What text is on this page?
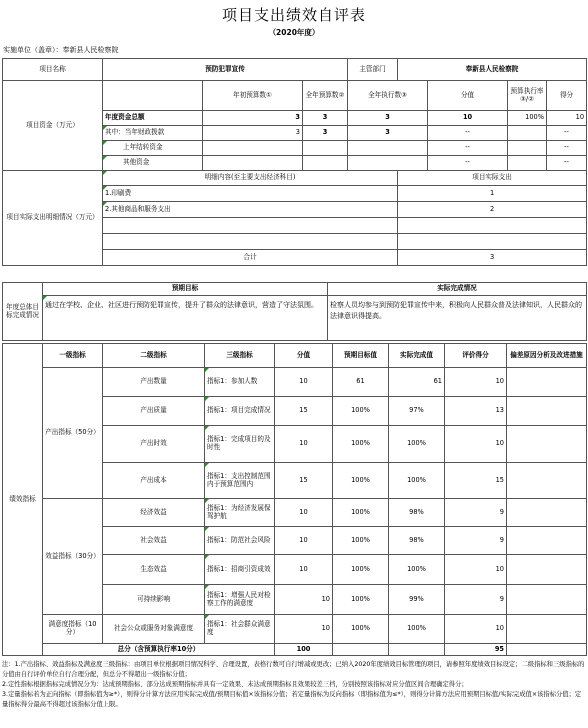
项目支出绩效自评表
（2020年度）
实施单位（盖章）：奉新县人民检察院
项目名称	预防犯罪宣传			主管部门	奉新县人民检察院			
项目资金（万元）		年初预算数①	全年预算数②	全年执行数③		分值	预算执行率③/②	得分
	年度资金总额	3	3	3		10	100%	10
	其中：当年财政拨款	3	3	3		--		--
	上年结转资金					--		--
	其他资金					--		--
项目实际支出明细情况（万元）	明细内容(至主要支出经济科目)				项目实际支出			
	1.印刷费				1			
	2.其他商品和服务支出				2			

	合计				3			
年度总体目标完成情况	预期目标	实际完成情况
	通过在学校、企业、社区进行预防犯罪宣传，提升了群众的法律意识，营造了守法氛围。	检察人员均参与到预防犯罪宣传中来，积极向人民群众普及法律知识，人民群众的法律意识得提高。
绩效指标	一级指标	二级指标	三级指标	分值	预期目标值	实际完成值	评价得分	偏差原因分析及改进措施
	产出指标（50分）	产出数量	指标1：参加人数	10	61	61	10	
		产出质量	指标1：项目完成情况	15	100%	97%	13	
		产出时效	指标1：完成项目的及时性	10	100%	100%	10	
		产出成本	指标1：支出控制范围内于预算范围内	15	100%	100%	15	
	效益指标（30分）	经济效益	指标1：为经济发展保驾护航	10	100%	98%	9	
		社会效益	指标1：防范社会风险	10	100%	98%	9	
		生态效益	指标1：招商引资成效	10	100%	100%	10	
		可持续影响	指标1：增强人民对检察工作的满意度	10	100%	99%	9	
	满意度指标（10分）	社会公众或服务对象满意度	指标1：社会群众满意度	10	100%	100%	10	
	总分（含预算执行率10分）			100			95	
注：1.产出指标、效益指标及满意度三级指标：由项目单位根据项目情况科学、合理设置，表格行数可自行增减或更改；已纳入2020年度绩效目标管理的项目，请参照年度绩效目标设定；二级指标和三级指标的分值由自行评价单位自行合理分配，但总分不得超出一级指标分值；
2.定性指标根据指标完成情况分为：达成预期指标、部分达成预期指标并具有一定效果、未达成预期指标且效果较差三档，分别按照该指标对应分值区间合理确定得分；
3.定量指标若为正向指标（即指标值为≥*），则得分计算方法应用实际完成值/预期目标值×该指标分值；若定量指标为反向指标（即指标值为≤*），则得分计算方法应用预期目标值/实际完成值×该指标分值；定量指标得分最高不得超过该指标分值上限。
